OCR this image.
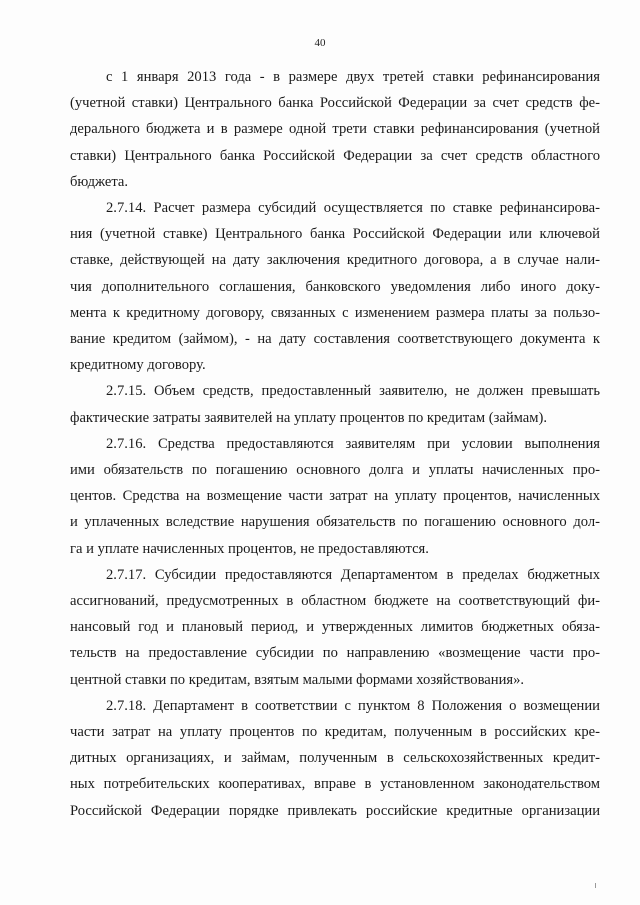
40
с 1 января 2013 года - в размере двух третей ставки рефинансирования
(учетной ставки) Центрального банка Российской Федерации за счет средств фе-
дерального бюджета и в размере одной трети ставки рефинансирования (учетной
ставки) Центрального банка Российской Федерации за счет средств областного
бюджета.
2.7.14. Расчет размера субсидий осуществляется по ставке рефинансирова-
ния (учетной ставке) Центрального банка Российской Федерации или ключевой
ставке, действующей на дату заключения кредитного договора, а в случае нали-
чия дополнительного соглашения, банковского уведомления либо иного доку-
мента к кредитному договору, связанных с изменением размера платы за пользо-
вание кредитом (займом), - на дату составления соответствующего документа к
кредитному договору.
2.7.15. Объем средств, предоставленный заявителю, не должен превышать
фактические затраты заявителей на уплату процентов по кредитам (займам).
2.7.16. Средства предоставляются заявителям при условии выполнения
ими обязательств по погашению основного долга и уплаты начисленных про-
центов. Средства на возмещение части затрат на уплату процентов, начисленных
и уплаченных вследствие нарушения обязательств по погашению основного дол-
га и уплате начисленных процентов, не предоставляются.
2.7.17. Субсидии предоставляются Департаментом в пределах бюджетных
ассигнований, предусмотренных в областном бюджете на соответствующий фи-
нансовый год и плановый период, и утвержденных лимитов бюджетных обяза-
тельств на предоставление субсидии по направлению «возмещение части про-
центной ставки по кредитам, взятым малыми формами хозяйствования».
2.7.18. Департамент в соответствии с пунктом 8 Положения о возмещении
части затрат на уплату процентов по кредитам, полученным в российских кре-
дитных организациях, и займам, полученным в сельскохозяйственных кредит-
ных потребительских кооперативах, вправе в установленном законодательством
Российской Федерации порядке привлекать российские кредитные организации
